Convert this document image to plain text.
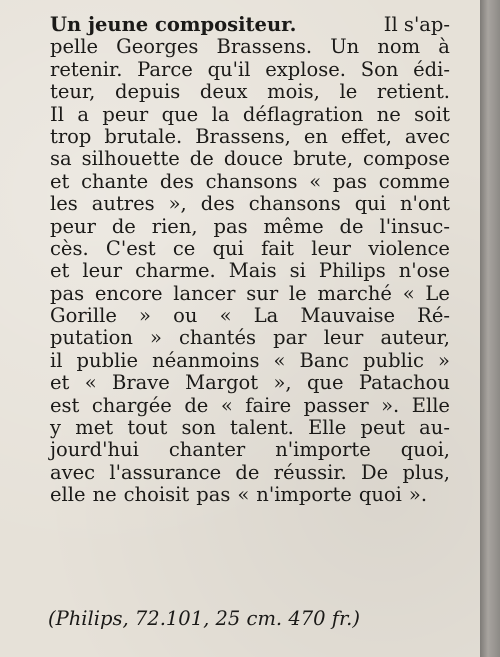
Un jeune compositeur.	Il s'ap-
pelle Georges Brassens. Un nom à
retenir. Parce qu'il explose. Son édi-
teur, depuis deux mois, le retient.
Il a peur que la déflagration ne soit
trop brutale. Brassens, en effet, avec
sa silhouette de douce brute, compose
et chante des chansons « pas comme
les autres », des chansons qui n'ont
peur de rien, pas même de l'insuc-
cès. C'est ce qui fait leur violence
et leur charme. Mais si Philips n'ose
pas encore lancer sur le marché « Le
Gorille » ou « La Mauvaise Ré-
putation » chantés par leur auteur,
il publie néanmoins « Banc public »
et « Brave Margot », que Patachou
est chargée de « faire passer ». Elle
y met tout son talent. Elle peut au-
jourd'hui chanter n'importe quoi,
avec l'assurance de réussir. De plus,
elle ne choisit pas « n'importe quoi ».
(Philips, 72.101, 25 cm. 470 fr.)
